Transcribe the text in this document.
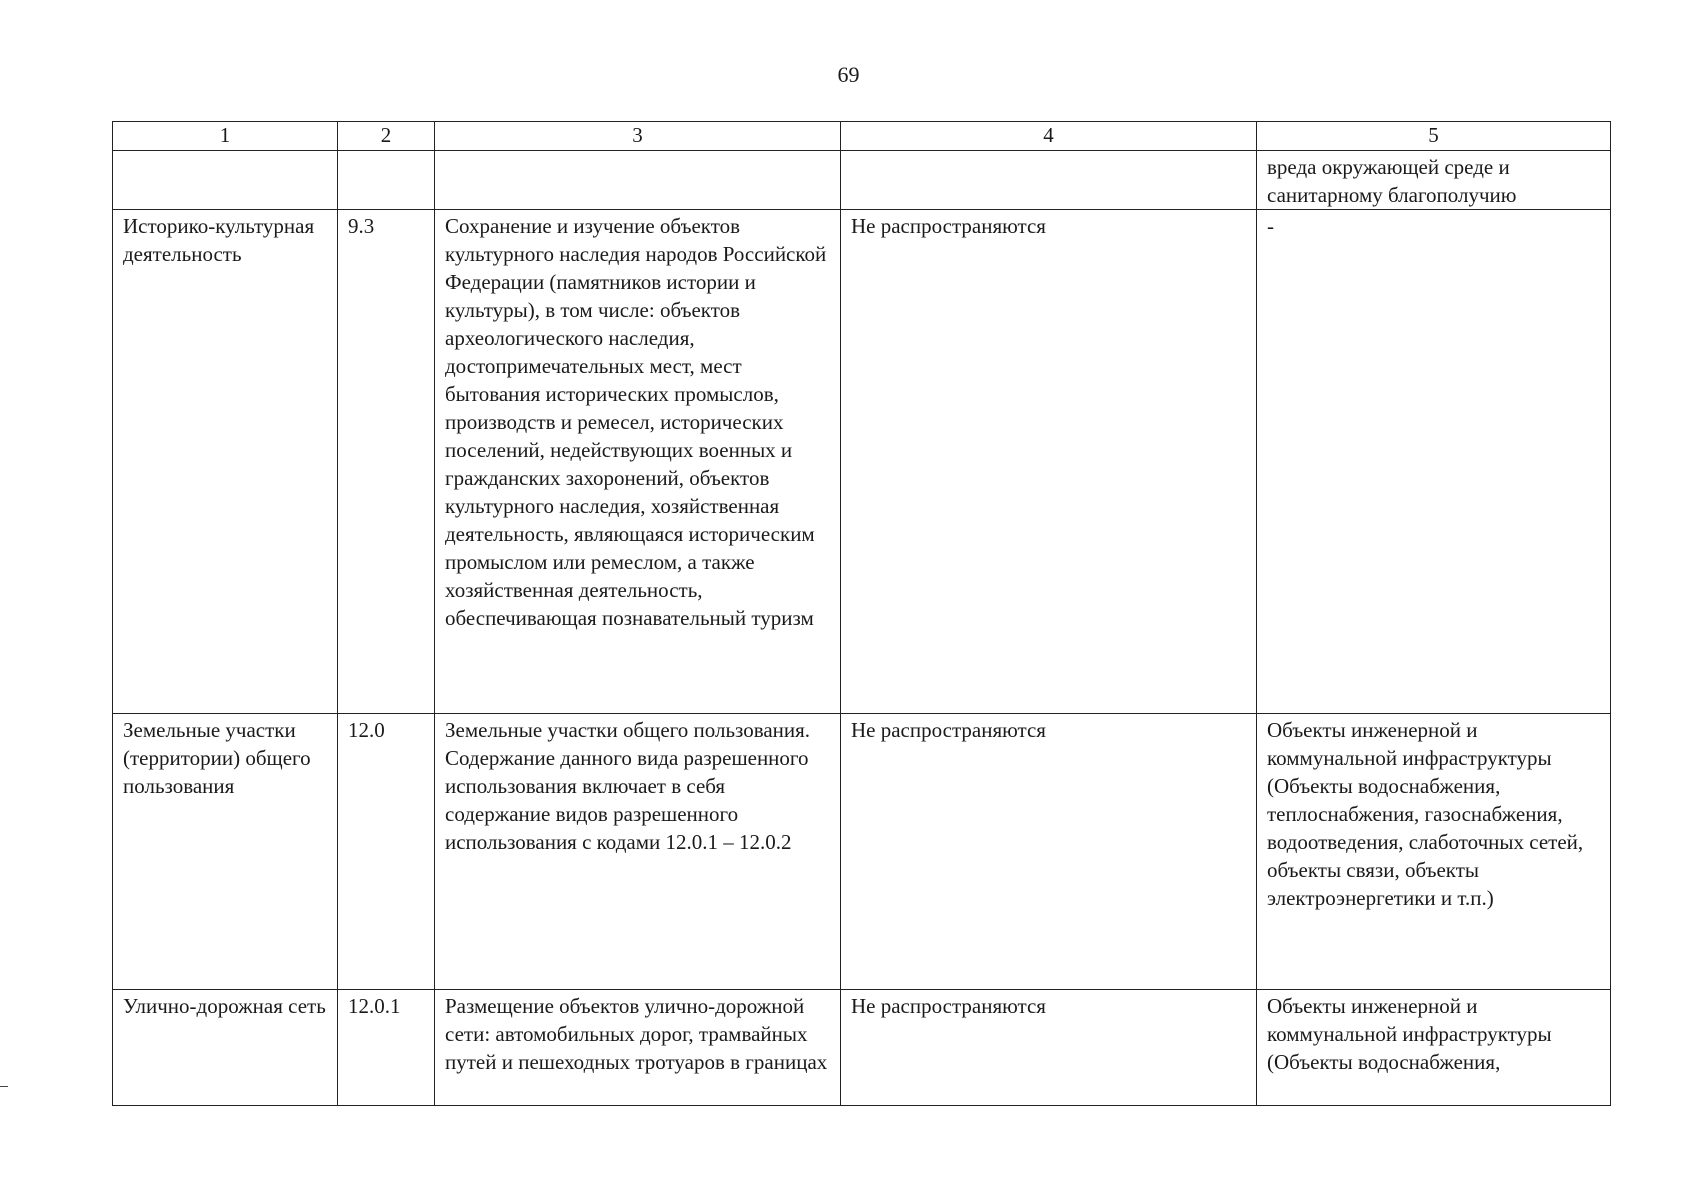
69
1	2	3	4	5
				вреда окружающей среде и санитарному благополучию
Историко-культурная деятельность	9.3	Сохранение и изучение объектов культурного наследия народов Российской Федерации (памятников истории и культуры), в том числе: объектов археологического наследия, достопримечательных мест, мест бытования исторических промыслов, производств и ремесел, исторических поселений, недействующих военных и гражданских захоронений, объектов культурного наследия, хозяйственная деятельность, являющаяся историческим промыслом или ремеслом, а также хозяйственная деятельность, обеспечивающая познавательный туризм	Не распространяются	-
Земельные участки (территории) общего пользования	12.0	Земельные участки общего пользования. Содержание данного вида разрешенного использования включает в себя содержание видов разрешенного использования с кодами 12.0.1 – 12.0.2	Не распространяются	Объекты инженерной и коммунальной инфраструктуры (Объекты водоснабжения, теплоснабжения, газоснабжения, водоотведения, слаботочных сетей, объекты связи, объекты электроэнергетики и т.п.)
Улично-дорожная сеть	12.0.1	Размещение объектов улично-дорожной сети: автомобильных дорог, трамвайных путей и пешеходных тротуаров в границах	Не распространяются	Объекты инженерной и коммунальной инфраструктуры (Объекты водоснабжения,
